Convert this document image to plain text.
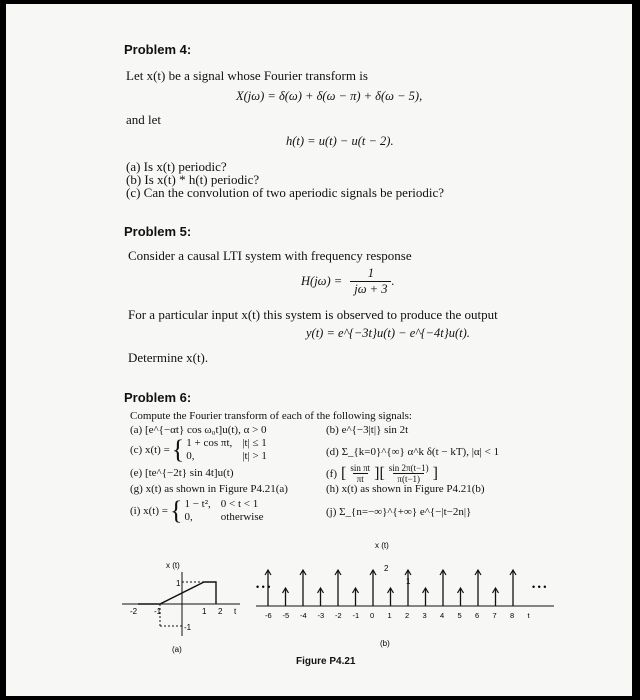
Problem 4:
Let x(t) be a signal whose Fourier transform is
X(jω) = δ(ω) + δ(ω − π) + δ(ω − 5),
and let
h(t) = u(t) − u(t − 2).
(a) Is x(t) periodic?
(b) Is x(t) * h(t) periodic?
(c) Can the convolution of two aperiodic signals be periodic?
Problem 5:
Consider a causal LTI system with frequency response
$H(j\omega) = \frac{1}{j\omega + 3}$ .
For a particular input x(t) this system is observed to produce the output
y(t) = e^{−3t}u(t) − e^{−4t}u(t).
Determine x(t).
Problem 6:
Compute the Fourier transform of each of the following signals:
(a) [e^{−αt} cos ω₀t]u(t), α > 0	(b) e^{−3|t|} sin 2t
(c) x(t) = { 1 + cos πt, |t| ≤ 1
0,	|t| > 1	(d) Σ_{k=0}^{∞} α^k δ(t − kT), |α| < 1
(e) [te^{−2t} sin 4t]u(t)	(f) [ $\frac{\text{sin πt}}{\pi t}$ ][ $\frac{\sin 2\pi(t-1)}{\pi(t-1)}$ ]
(g) x(t) as shown in Figure P4.21(a)	(h) x(t) as shown in Figure P4.21(b)
(i) x(t) = { 1 − t², 0 < t < 1
0,	otherwise	(j) Σ_{n=−∞}^{+∞} e^{−|t−2n|}
x (t)
1
-1
-2 -1	1 2 t
(a)
x (t)
• • •	• • •
-6 -5 -4 -3 -2 -1 0 1 2 3 4 5 6 7 8 t
2
1
(b)
Figure P4.21
